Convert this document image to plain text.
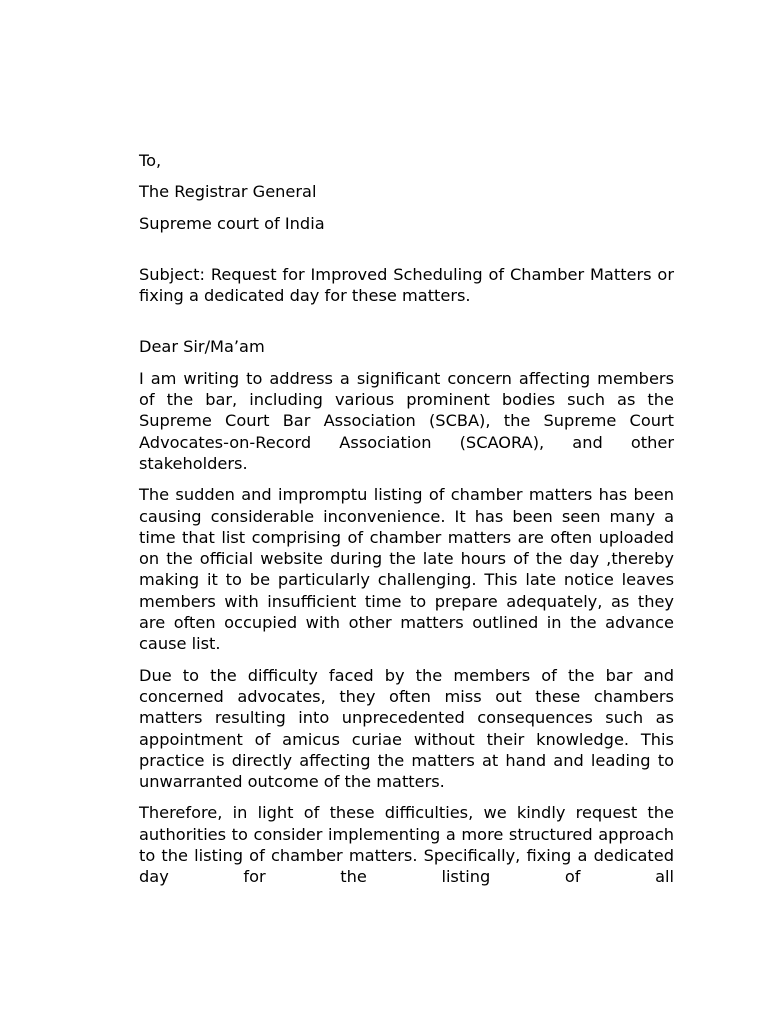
To,

The Registrar General

Supreme court of India

Subject: Request for Improved Scheduling of Chamber Matters or fixing a dedicated day for these matters.

Dear Sir/Ma’am

I am writing to address a significant concern affecting members of the bar, including various prominent bodies such as the Supreme Court Bar Association (SCBA), the Supreme Court Advocates-on-Record Association (SCAORA), and other stakeholders.

The sudden and impromptu listing of chamber matters has been causing considerable inconvenience. It has been seen many a time that list comprising of chamber matters are often uploaded on the official website during the late hours of the day ,thereby making it to be particularly challenging. This late notice leaves members with insufficient time to prepare adequately, as they are often occupied with other matters outlined in the advance cause list.

Due to the difficulty faced by the members of the bar and concerned advocates, they often miss out these chambers matters resulting into unprecedented consequences such as appointment of amicus curiae without their knowledge. This practice is directly affecting the matters at hand and leading to unwarranted outcome of the matters.

Therefore, in light of these difficulties, we kindly request the authorities to consider implementing a more structured approach to the listing of chamber matters. Specifically, fixing a dedicated day for the listing of all
